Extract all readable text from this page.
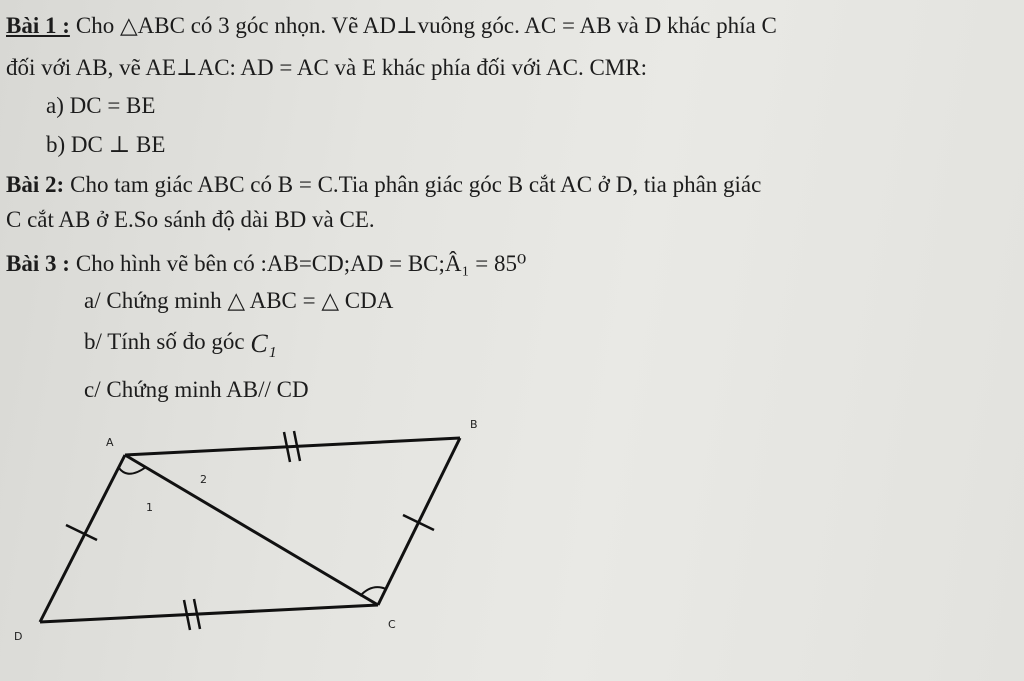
Bài 1 : Cho △ABC có 3 góc nhọn. Vẽ AD⊥vuông góc. AC = AB và D khác phía C
đối với AB, vẽ AE⊥AC: AD = AC và E khác phía đối với AC. CMR:
a) DC = BE
b) DC ⊥ BE
Bài 2: Cho tam giác ABC có B = C.Tia phân giác góc B cắt AC ở D, tia phân giác
C cắt AB ở E.So sánh độ dài BD và CE.
Bài 3 : Cho hình vẽ bên có :AB=CD;AD = BC;Â₁ = 85⁰
a/ Chứng minh △ ABC = △ CDA
b/ Tính số đo góc C₁
c/ Chứng minh AB// CD
A
B
C
D
2
1
